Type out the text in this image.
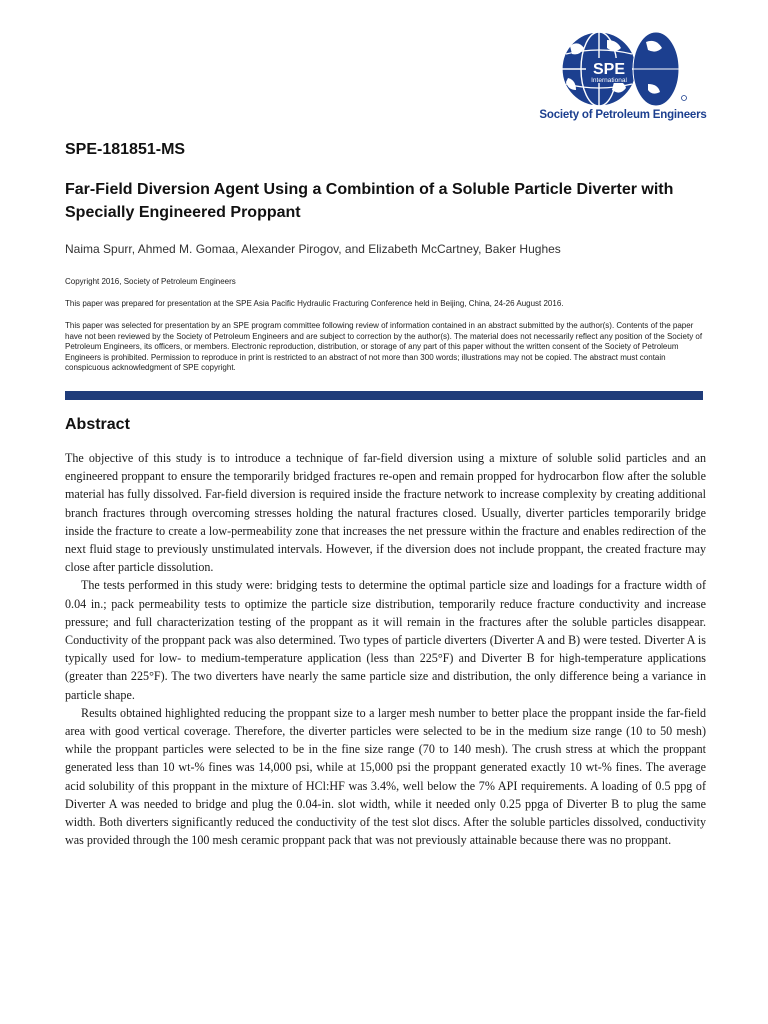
SPE
International
Society of Petroleum Engineers
SPE-181851-MS
Far-Field Diversion Agent Using a Combintion of a Soluble Particle Diverter with Specially Engineered Proppant
Naima Spurr, Ahmed M. Gomaa, Alexander Pirogov, and Elizabeth McCartney, Baker Hughes
Copyright 2016, Society of Petroleum Engineers
This paper was prepared for presentation at the SPE Asia Pacific Hydraulic Fracturing Conference held in Beijing, China, 24-26 August 2016.

This paper was selected for presentation by an SPE program committee following review of information contained in an abstract submitted by the author(s). Contents of the paper have not been reviewed by the Society of Petroleum Engineers and are subject to correction by the author(s). The material does not necessarily reflect any position of the Society of Petroleum Engineers, its officers, or members. Electronic reproduction, distribution, or storage of any part of this paper without the written consent of the Society of Petroleum Engineers is prohibited. Permission to reproduce in print is restricted to an abstract of not more than 300 words; illustrations may not be copied. The abstract must contain conspicuous acknowledgment of SPE copyright.

Abstract

The objective of this study is to introduce a technique of far-field diversion using a mixture of soluble solid particles and an engineered proppant to ensure the temporarily bridged fractures re-open and remain propped for hydrocarbon flow after the soluble material has fully dissolved. Far-field diversion is required inside the fracture network to increase complexity by creating additional branch fractures through overcoming stresses holding the natural fractures closed. Usually, diverter particles temporarily bridge inside the fracture to create a low-permeability zone that increases the net pressure within the fracture and enables redirection of the next fluid stage to previously unstimulated intervals. However, if the diversion does not include proppant, the created fracture may close after particle dissolution.

The tests performed in this study were: bridging tests to determine the optimal particle size and loadings for a fracture width of 0.04 in.; pack permeability tests to optimize the particle size distribution, temporarily reduce fracture conductivity and increase pressure; and full characterization testing of the proppant as it will remain in the fractures after the soluble particles disappear. Conductivity of the proppant pack was also determined. Two types of particle diverters (Diverter A and B) were tested. Diverter A is typically used for low- to medium-temperature application (less than 225°F) and Diverter B for high-temperature applications (greater than 225°F). The two diverters have nearly the same particle size and distribution, the only difference being a variance in particle shape.

Results obtained highlighted reducing the proppant size to a larger mesh number to better place the proppant inside the far-field area with good vertical coverage. Therefore, the diverter particles were selected to be in the medium size range (10 to 50 mesh) while the proppant particles were selected to be in the fine size range (70 to 140 mesh). The crush stress at which the proppant generated less than 10 wt-% fines was 14,000 psi, while at 15,000 psi the proppant generated exactly 10 wt-% fines. The average acid solubility of this proppant in the mixture of HCl:HF was 3.4%, well below the 7% API requirements. A loading of 0.5 ppg of Diverter A was needed to bridge and plug the 0.04-in. slot width, while it needed only 0.25 ppga of Diverter B to plug the same width. Both diverters significantly reduced the conductivity of the test slot discs. After the soluble particles dissolved, conductivity was provided through the 100 mesh ceramic proppant pack that was not previously attainable because there was no proppant.
